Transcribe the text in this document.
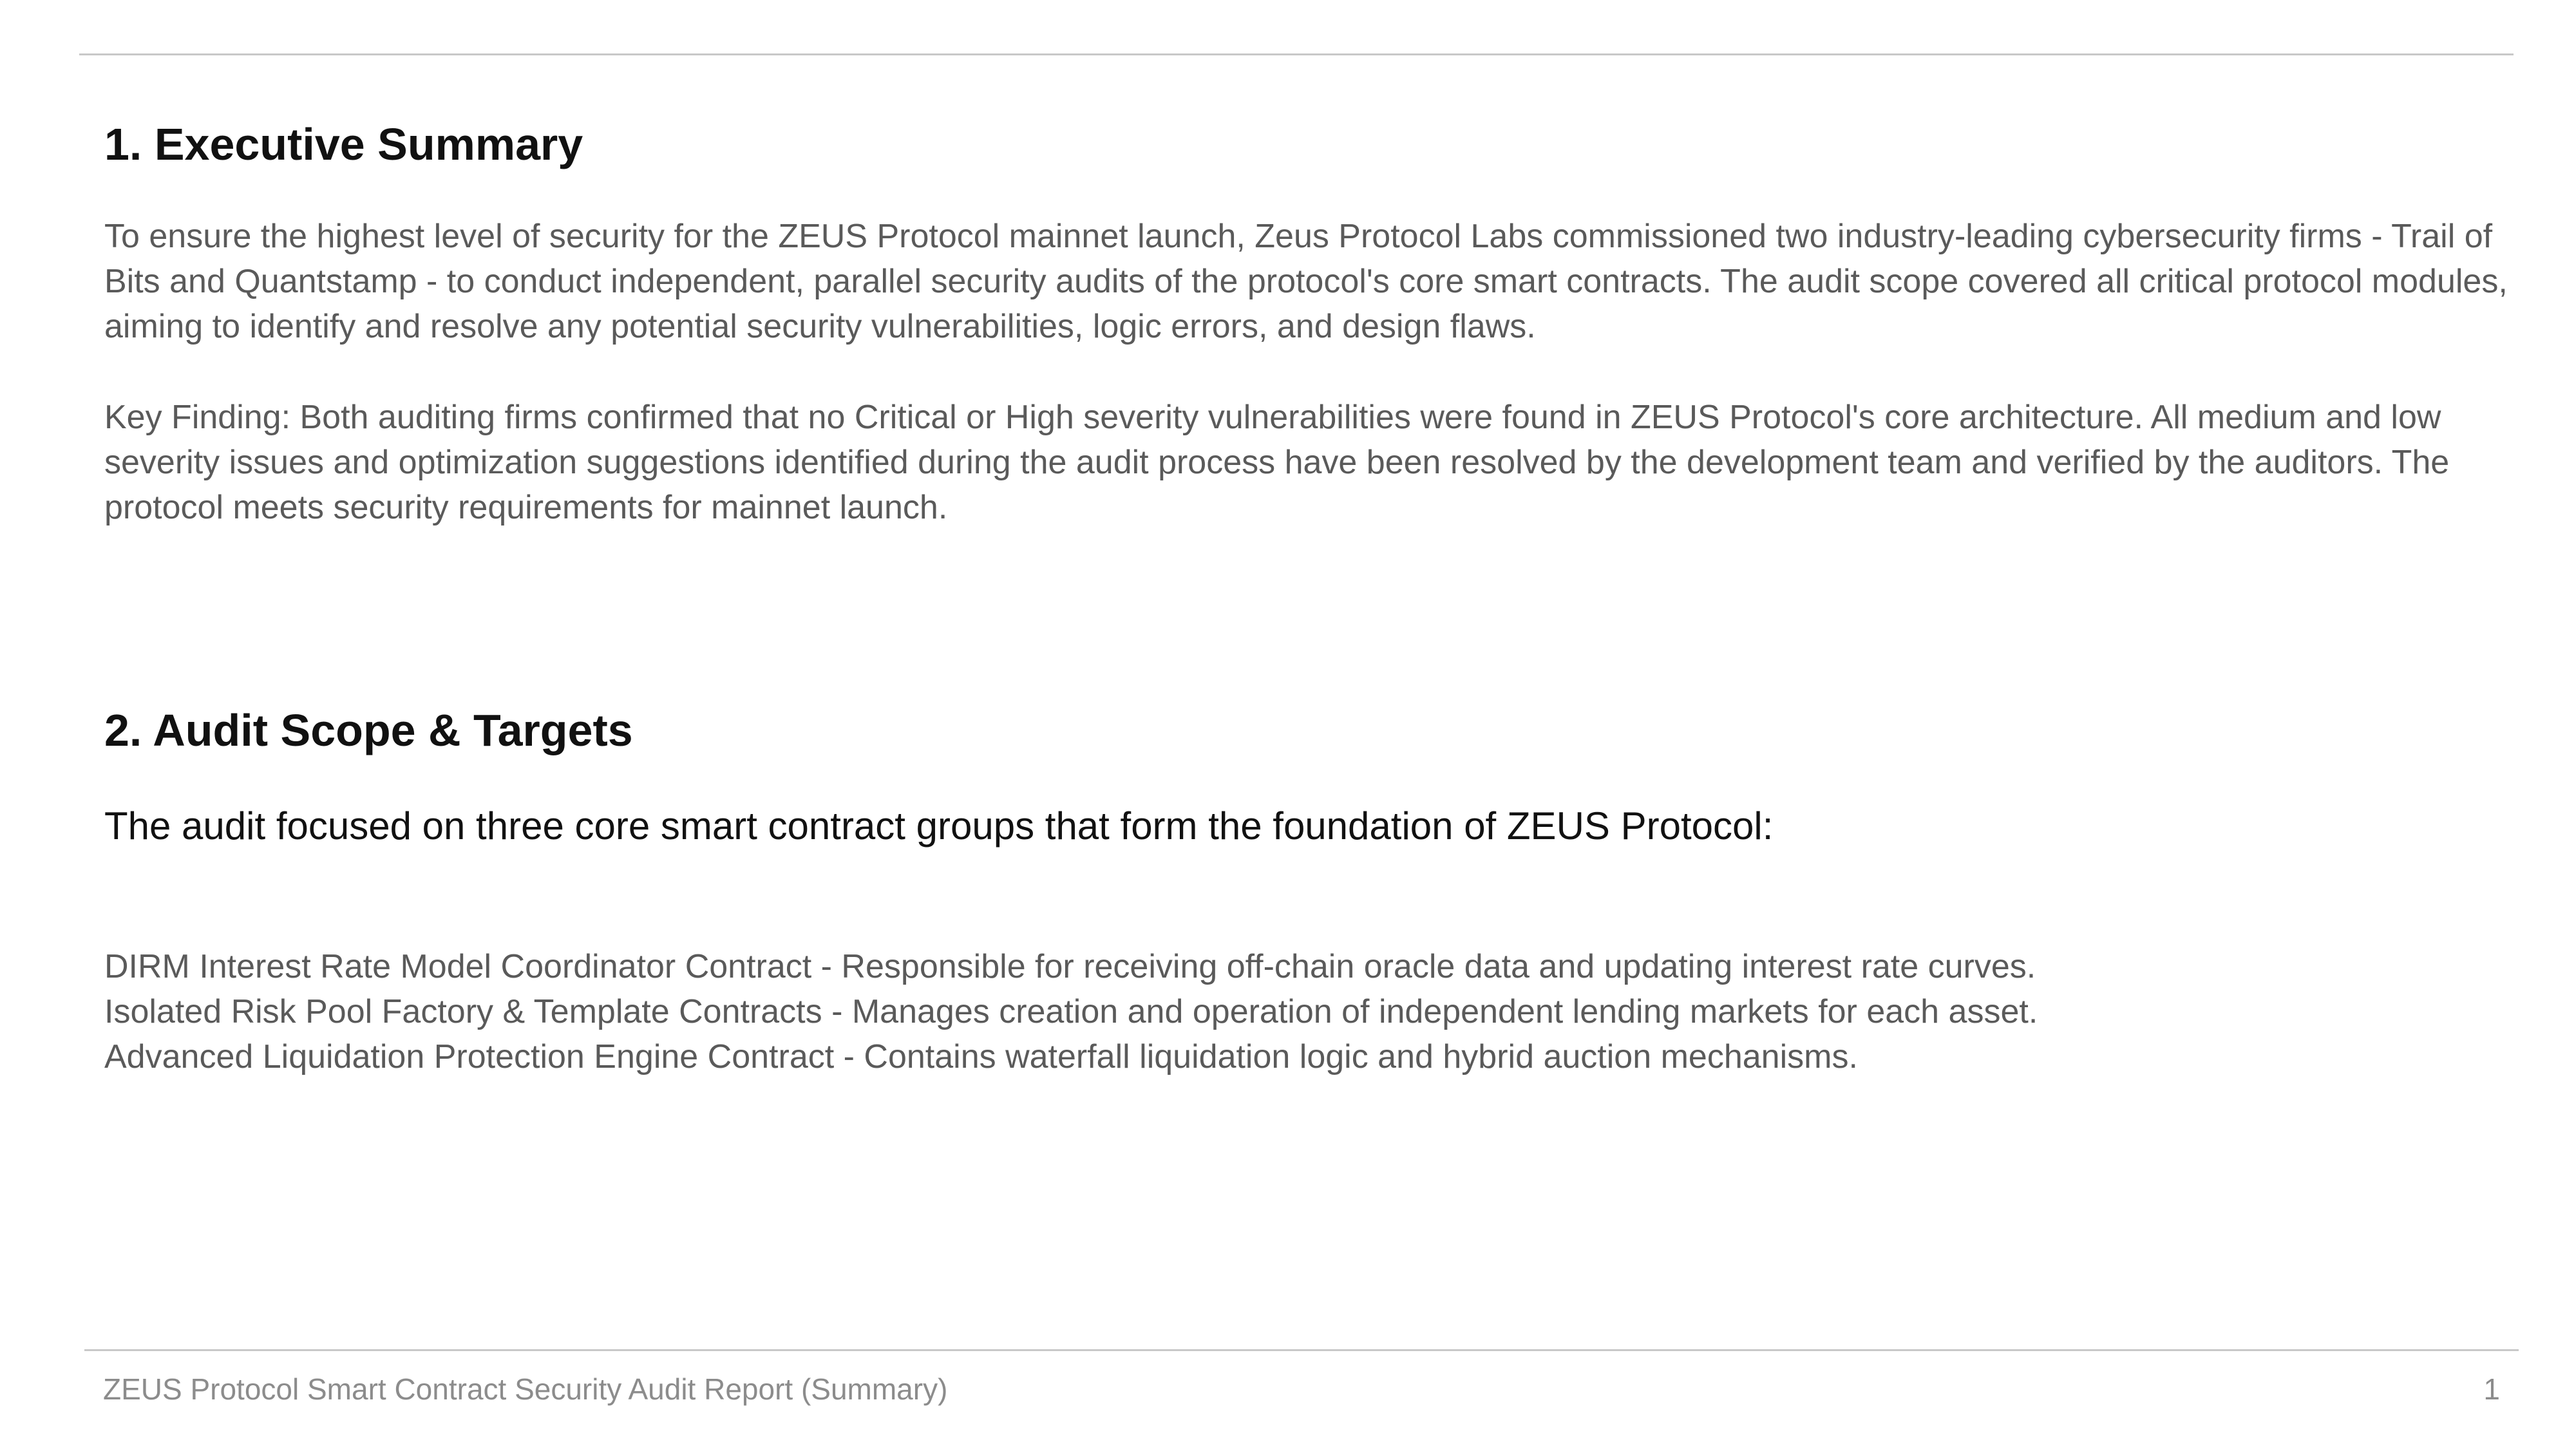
1. Executive Summary

To ensure the highest level of security for the ZEUS Protocol mainnet launch, Zeus Protocol Labs commissioned two industry-leading cybersecurity firms - Trail of Bits and Quantstamp - to conduct independent, parallel security audits of the protocol's core smart contracts. The audit scope covered all critical protocol modules, aiming to identify and resolve any potential security vulnerabilities, logic errors, and design flaws.

Key Finding: Both auditing firms confirmed that no Critical or High severity vulnerabilities were found in ZEUS Protocol's core architecture. All medium and low severity issues and optimization suggestions identified during the audit process have been resolved by the development team and verified by the auditors. The protocol meets security requirements for mainnet launch.

2. Audit Scope & Targets

The audit focused on three core smart contract groups that form the foundation of ZEUS Protocol:

DIRM Interest Rate Model Coordinator Contract - Responsible for receiving off-chain oracle data and updating interest rate curves.
Isolated Risk Pool Factory & Template Contracts - Manages creation and operation of independent lending markets for each asset.
Advanced Liquidation Protection Engine Contract - Contains waterfall liquidation logic and hybrid auction mechanisms.
ZEUS Protocol Smart Contract Security Audit Report (Summary)	1
